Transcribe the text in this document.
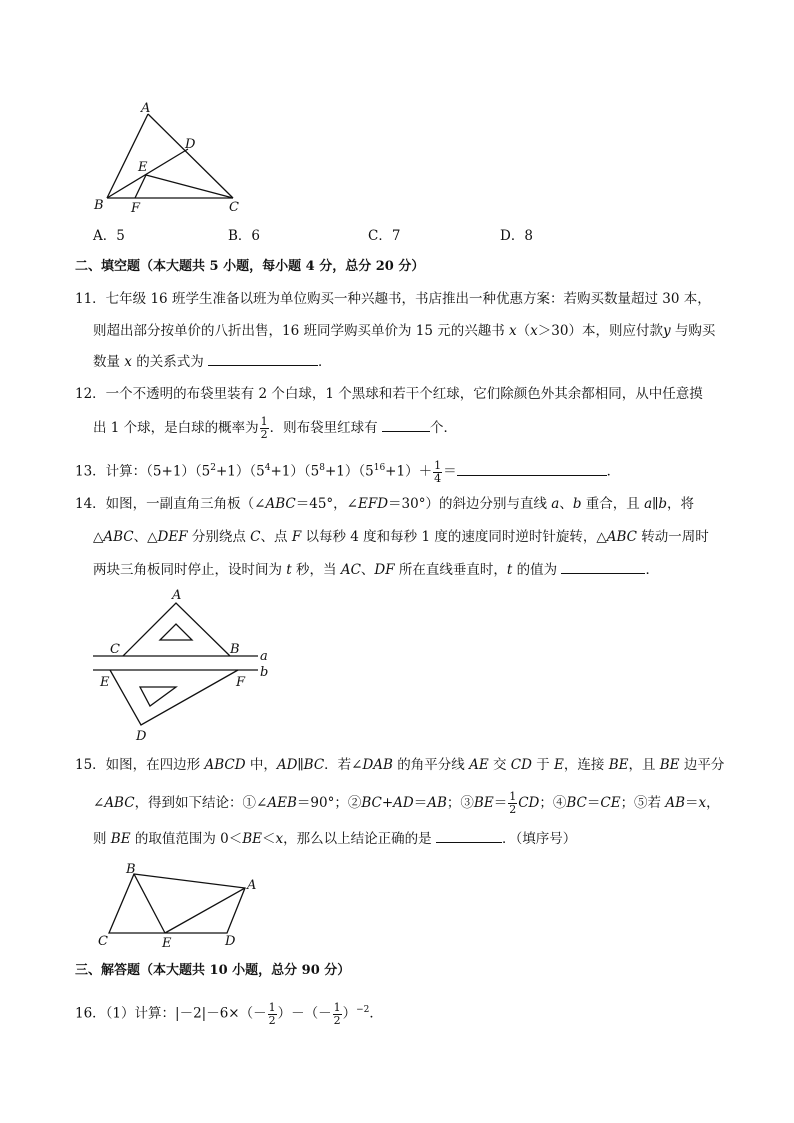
A
D
E
B F	C
A．5	B．6	C．7	D．8
二、填空题（本大题共 5 小题，每小题 4 分，总分 20 分）
11．七年级 16 班学生准备以班为单位购买一种兴趣书，书店推出一种优惠方案：若购买数量超过 30 本，
则超出部分按单价的八折出售，16 班同学购买单价为 15 元的兴趣书 x（x＞30）本，则应付款y 与购买
数量 x 的关系式为	．
12．一个不透明的布袋里装有 2 个白球，1 个黑球和若干个红球，它们除颜色外其余都相同，从中任意摸
出 1 个球，是白球的概率为 $\frac{1}{2}$ ．则布袋里红球有	个．
13．计算：$(5+1)(5^2+1)(5^4+1)(5^8+1)(5^{16}+1)+ \frac{1}{4}$ ＝	．
14．如图，一副直角三角板（∠ABC＝45°，∠EFD＝30°）的斜边分别与直线 a、b 重合，且 a∥b，将
△ABC、△DEF 分别绕点 C、点 F 以每秒 4 度和每秒 1 度的速度同时逆时针旋转，△ABC 转动一周时
两块三角板同时停止，设时间为 t 秒，当 AC、DF 所在直线垂直时，t 的值为	．
A
C	B a
b
E	F
D
15．如图，在四边形 ABCD 中，AD∥BC．若∠DAB 的角平分线 AE 交 CD 于 E，连接 BE，且 BE 边平分
∠ABC，得到如下结论：①∠AEB＝90°；②BC+AD＝AB；③BE＝ $\frac{1}{2}$ CD；④BC＝CE；⑤若 AB＝x，
则 BE 的取值范围为 0＜BE＜x，那么以上结论正确的是	．（填序号）
B
A
C	E	D
三、解答题（本大题共 10 小题，总分 90 分）
16．（1）计算：$|-2|-6\times(- \frac{1}{2}$ ）－（－ $\frac{1}{2} )^{-2}$．
